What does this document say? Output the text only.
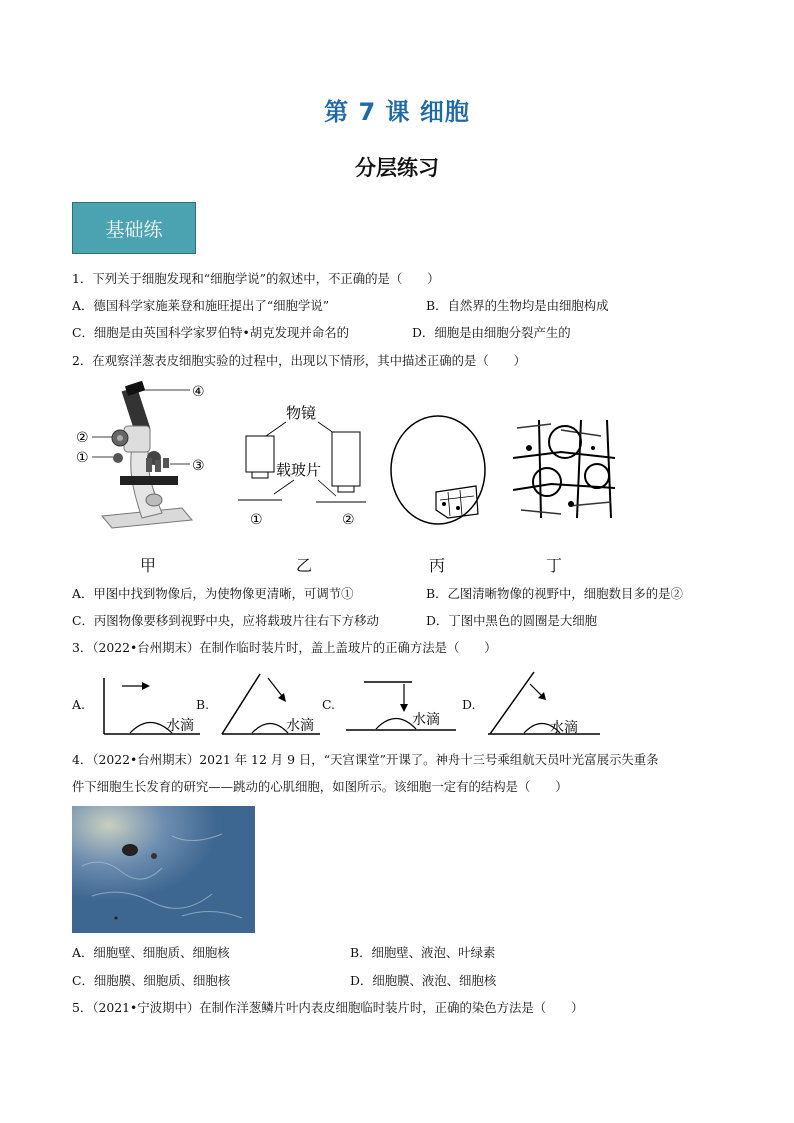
第 7 课 细胞
分层练习
基础练
1．下列关于细胞发现和“细胞学说”的叙述中，不正确的是（　　）
A．德国科学家施莱登和施旺提出了“细胞学说”	B．自然界的生物均是由细胞构成
C．细胞是由英国科学家罗伯特•胡克发现并命名的	D．细胞是由细胞分裂产生的
2．在观察洋葱表皮细胞实验的过程中，出现以下情形，其中描述正确的是（　　）
④
②
①	③
物镜
载玻片
①	②
甲	乙	丙	丁
A．甲图中找到物像后，为使物像更清晰，可调节①	B．乙图清晰物像的视野中，细胞数目多的是②
C．丙图物像要移到视野中央，应将载玻片往右下方移动	D．丁图中黑色的圆圈是大细胞
3．（2022•台州期末）在制作临时装片时，盖上盖玻片的正确方法是（　　）
A.
水滴
B.
水滴
C.
水滴
D.
水滴
4．（2022•台州期末）2021 年 12 月 9 日，“天宫课堂”开课了。神舟十三号乘组航天员叶光富展示失重条
件下细胞生长发育的研究——跳动的心肌细胞，如图所示。该细胞一定有的结构是（　　）
A．细胞壁、细胞质、细胞核	B．细胞壁、液泡、叶绿素
C．细胞膜、细胞质、细胞核	D．细胞膜、液泡、细胞核
5．（2021•宁波期中）在制作洋葱鳞片叶内表皮细胞临时装片时，正确的染色方法是（　　）
